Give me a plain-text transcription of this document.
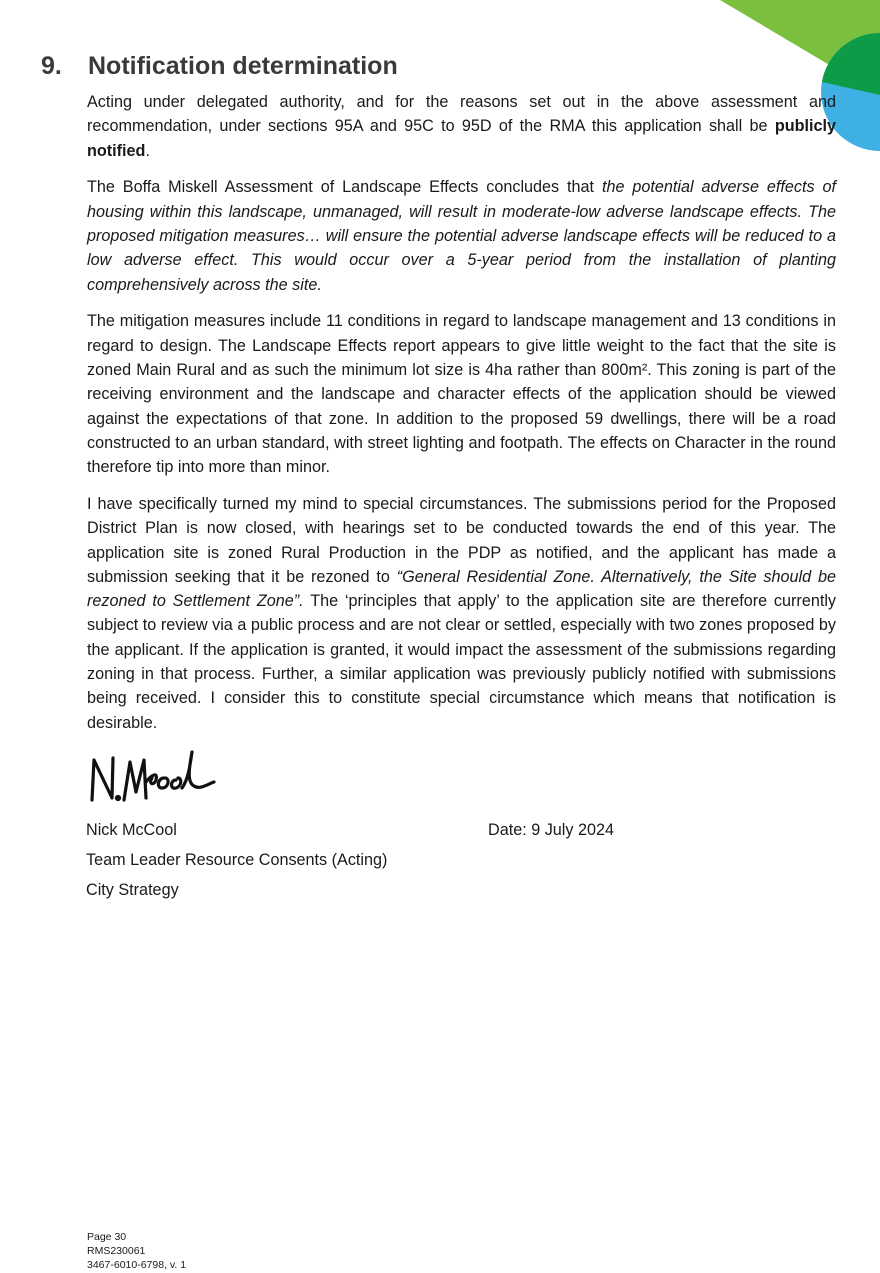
9. Notification determination

Acting under delegated authority, and for the reasons set out in the above assessment and recommendation, under sections 95A and 95C to 95D of the RMA this application shall be publicly notified.

The Boffa Miskell Assessment of Landscape Effects concludes that the potential adverse effects of housing within this landscape, unmanaged, will result in moderate-low adverse landscape effects. The proposed mitigation measures… will ensure the potential adverse landscape effects will be reduced to a low adverse effect. This would occur over a 5-year period from the installation of planting comprehensively across the site.

The mitigation measures include 11 conditions in regard to landscape management and 13 conditions in regard to design. The Landscape Effects report appears to give little weight to the fact that the site is zoned Main Rural and as such the minimum lot size is 4ha rather than 800m². This zoning is part of the receiving environment and the landscape and character effects of the application should be viewed against the expectations of that zone. In addition to the proposed 59 dwellings, there will be a road constructed to an urban standard, with street lighting and footpath. The effects on Character in the round therefore tip into more than minor.

I have specifically turned my mind to special circumstances. The submissions period for the Proposed District Plan is now closed, with hearings set to be conducted towards the end of this year. The application site is zoned Rural Production in the PDP as notified, and the applicant has made a submission seeking that it be rezoned to “General Residential Zone. Alternatively, the Site should be rezoned to Settlement Zone”. The ‘principles that apply’ to the application site are therefore currently subject to review via a public process and are not clear or settled, especially with two zones proposed by the applicant. If the application is granted, it would impact the assessment of the submissions regarding zoning in that process. Further, a similar application was previously publicly notified with submissions being received. I consider this to constitute special circumstance which means that notification is desirable.

Nick McCool
Team Leader Resource Consents (Acting)
City Strategy
Date: 9 July 2024
Page 30
RMS230061
3467-6010-6798, v. 1
